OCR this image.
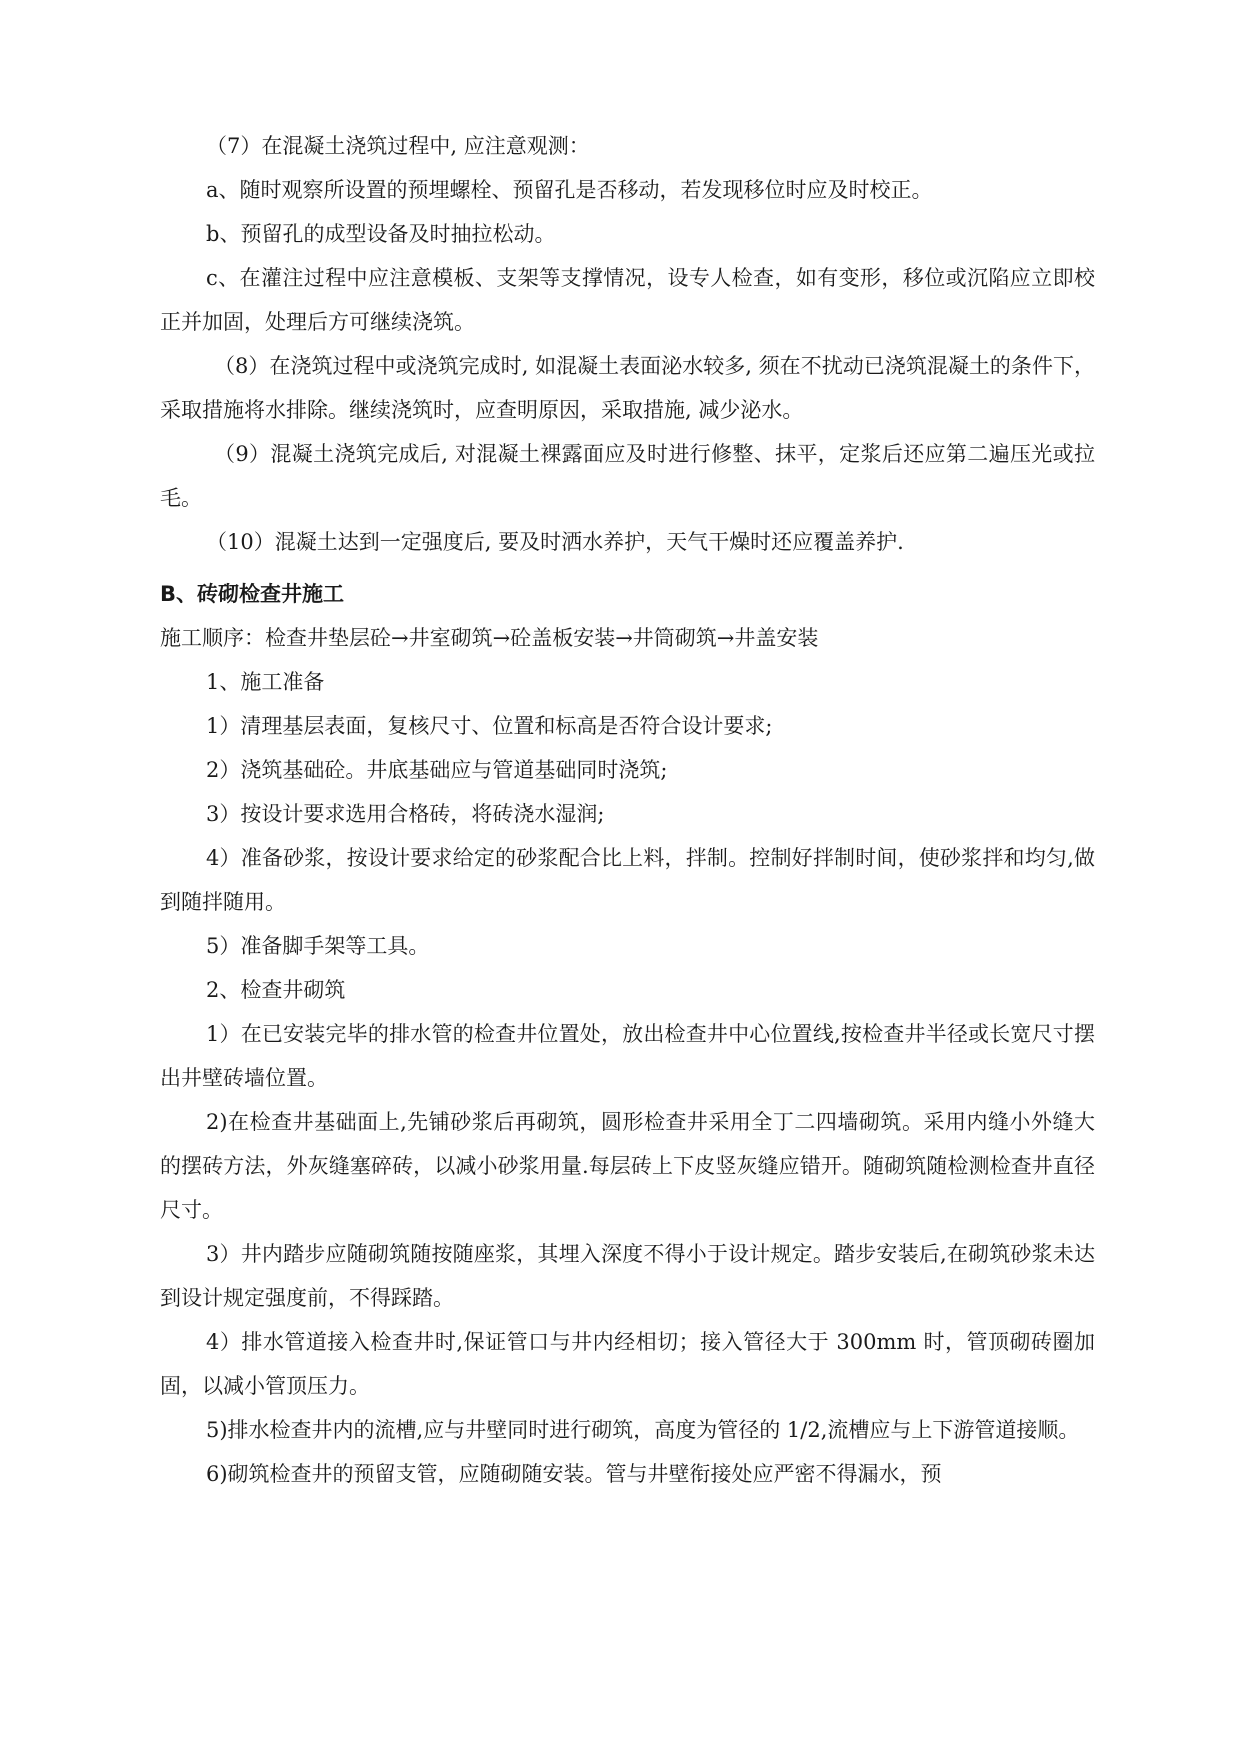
（7）在混凝土浇筑过程中, 应注意观测：

a、随时观察所设置的预埋螺栓、预留孔是否移动，若发现移位时应及时校正。

b、预留孔的成型设备及时抽拉松动。

c、在灌注过程中应注意模板、支架等支撑情况，设专人检查，如有变形，移位或沉陷应立即校正并加固，处理后方可继续浇筑。

（8）在浇筑过程中或浇筑完成时, 如混凝土表面泌水较多, 须在不扰动已浇筑混凝土的条件下，采取措施将水排除。继续浇筑时，应查明原因，采取措施, 减少泌水。

（9）混凝土浇筑完成后, 对混凝土裸露面应及时进行修整、抹平，定浆后还应第二遍压光或拉毛。

（10）混凝土达到一定强度后, 要及时洒水养护，天气干燥时还应覆盖养护.

B、砖砌检查井施工

施工顺序：检查井垫层砼→井室砌筑→砼盖板安装→井筒砌筑→井盖安装

1、施工准备

1）清理基层表面，复核尺寸、位置和标高是否符合设计要求;

2）浇筑基础砼。井底基础应与管道基础同时浇筑;

3）按设计要求选用合格砖，将砖浇水湿润;

4）准备砂浆，按设计要求给定的砂浆配合比上料，拌制。控制好拌制时间，使砂浆拌和均匀,做到随拌随用。

5）准备脚手架等工具。

2、检查井砌筑

1）在已安装完毕的排水管的检查井位置处，放出检查井中心位置线,按检查井半径或长宽尺寸摆出井壁砖墙位置。

2)在检查井基础面上,先铺砂浆后再砌筑，圆形检查井采用全丁二四墙砌筑。采用内缝小外缝大的摆砖方法，外灰缝塞碎砖，以减小砂浆用量.每层砖上下皮竖灰缝应错开。随砌筑随检测检查井直径尺寸。

3）井内踏步应随砌筑随按随座浆，其埋入深度不得小于设计规定。踏步安装后,在砌筑砂浆未达到设计规定强度前，不得踩踏。

4）排水管道接入检查井时,保证管口与井内经相切；接入管径大于 300mm 时，管顶砌砖圈加固，以减小管顶压力。

5)排水检查井内的流槽,应与井壁同时进行砌筑，高度为管径的 1/2,流槽应与上下游管道接顺。

6)砌筑检查井的预留支管，应随砌随安装。管与井壁衔接处应严密不得漏水，预
